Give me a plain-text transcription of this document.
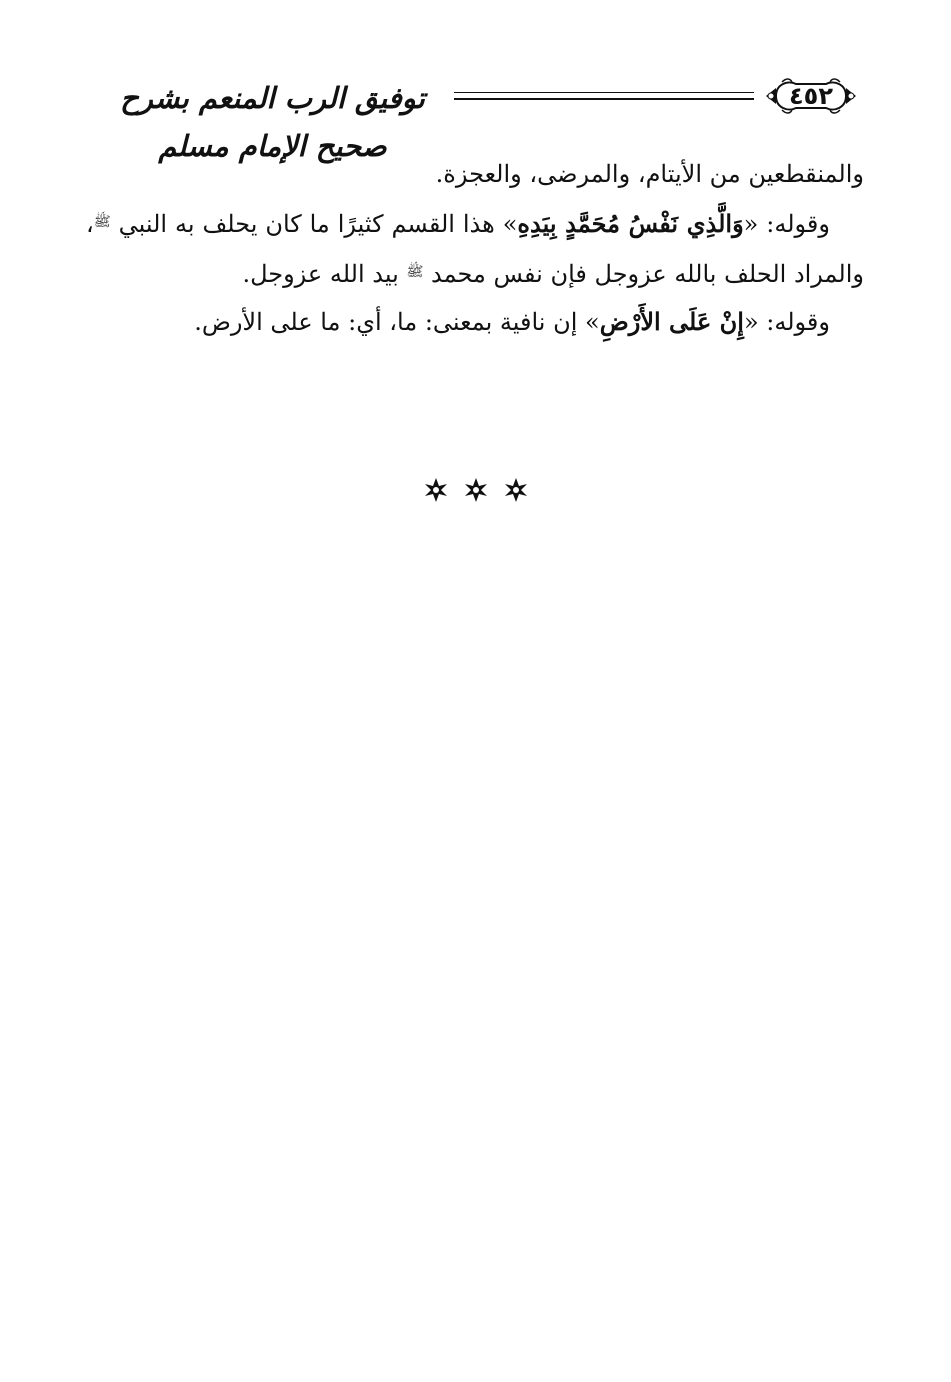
٤٥٢
توفيق الرب المنعم بشرح صحيح الإمام مسلم

والمنقطعين من الأيتام، والمرضى، والعجزة.

وقوله: «وَالَّذِي نَفْسُ مُحَمَّدٍ بِيَدِهِ» هذا القسم كثيرًا ما كان يحلف به النبي $^ﷺ$، والمراد الحلف بالله عزوجل فإن نفس محمد $^ﷺ$ بيد الله عزوجل.

وقوله: «إِنْ عَلَى الأَرْضِ» إن نافية بمعنى: ما، أي: ما على الأرض.
